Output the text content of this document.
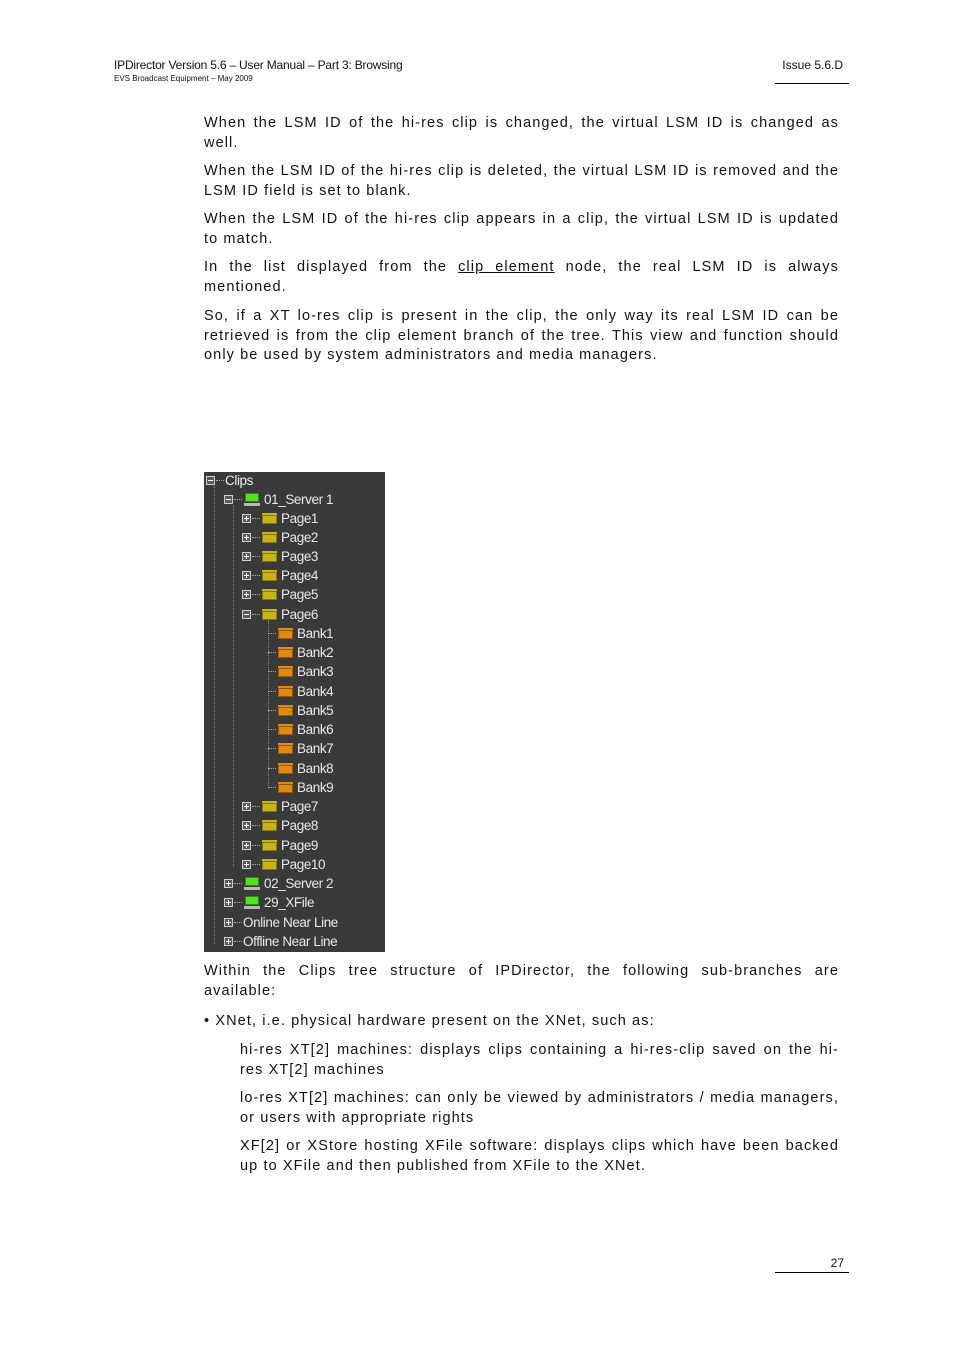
IPDirector Version 5.6 – User Manual – Part 3: Browsing
EVS Broadcast Equipment – May 2009
Issue 5.6.D
When the LSM ID of the hi-res clip is changed, the virtual LSM ID is changed as well.
When the LSM ID of the hi-res clip is deleted, the virtual LSM ID is removed and the LSM ID field is set to blank.
When the LSM ID of the hi-res clip appears in a clip, the virtual LSM ID is updated to match.
In the list displayed from the clip element node, the real LSM ID is always mentioned.
So, if a XT lo-res clip is present in the clip, the only way its real LSM ID can be retrieved is from the clip element branch of the tree. This view and function should only be used by system administrators and media managers.
Clips
01_Server 1
Page1
Page2
Page3
Page4
Page5
Page6
Bank1
Bank2
Bank3
Bank4
Bank5
Bank6
Bank7
Bank8
Bank9
Page7
Page8
Page9
Page10
02_Server 2
29_XFile
Online Near Line
Offline Near Line
Within the Clips tree structure of IPDirector, the following sub-branches are available:
• XNet, i.e. physical hardware present on the XNet, such as:
hi-res XT[2] machines: displays clips containing a hi-res-clip saved on the hi-res XT[2] machines
lo-res XT[2] machines: can only be viewed by administrators / media managers, or users with appropriate rights
XF[2] or XStore hosting XFile software: displays clips which have been backed up to XFile and then published from XFile to the XNet.
27
